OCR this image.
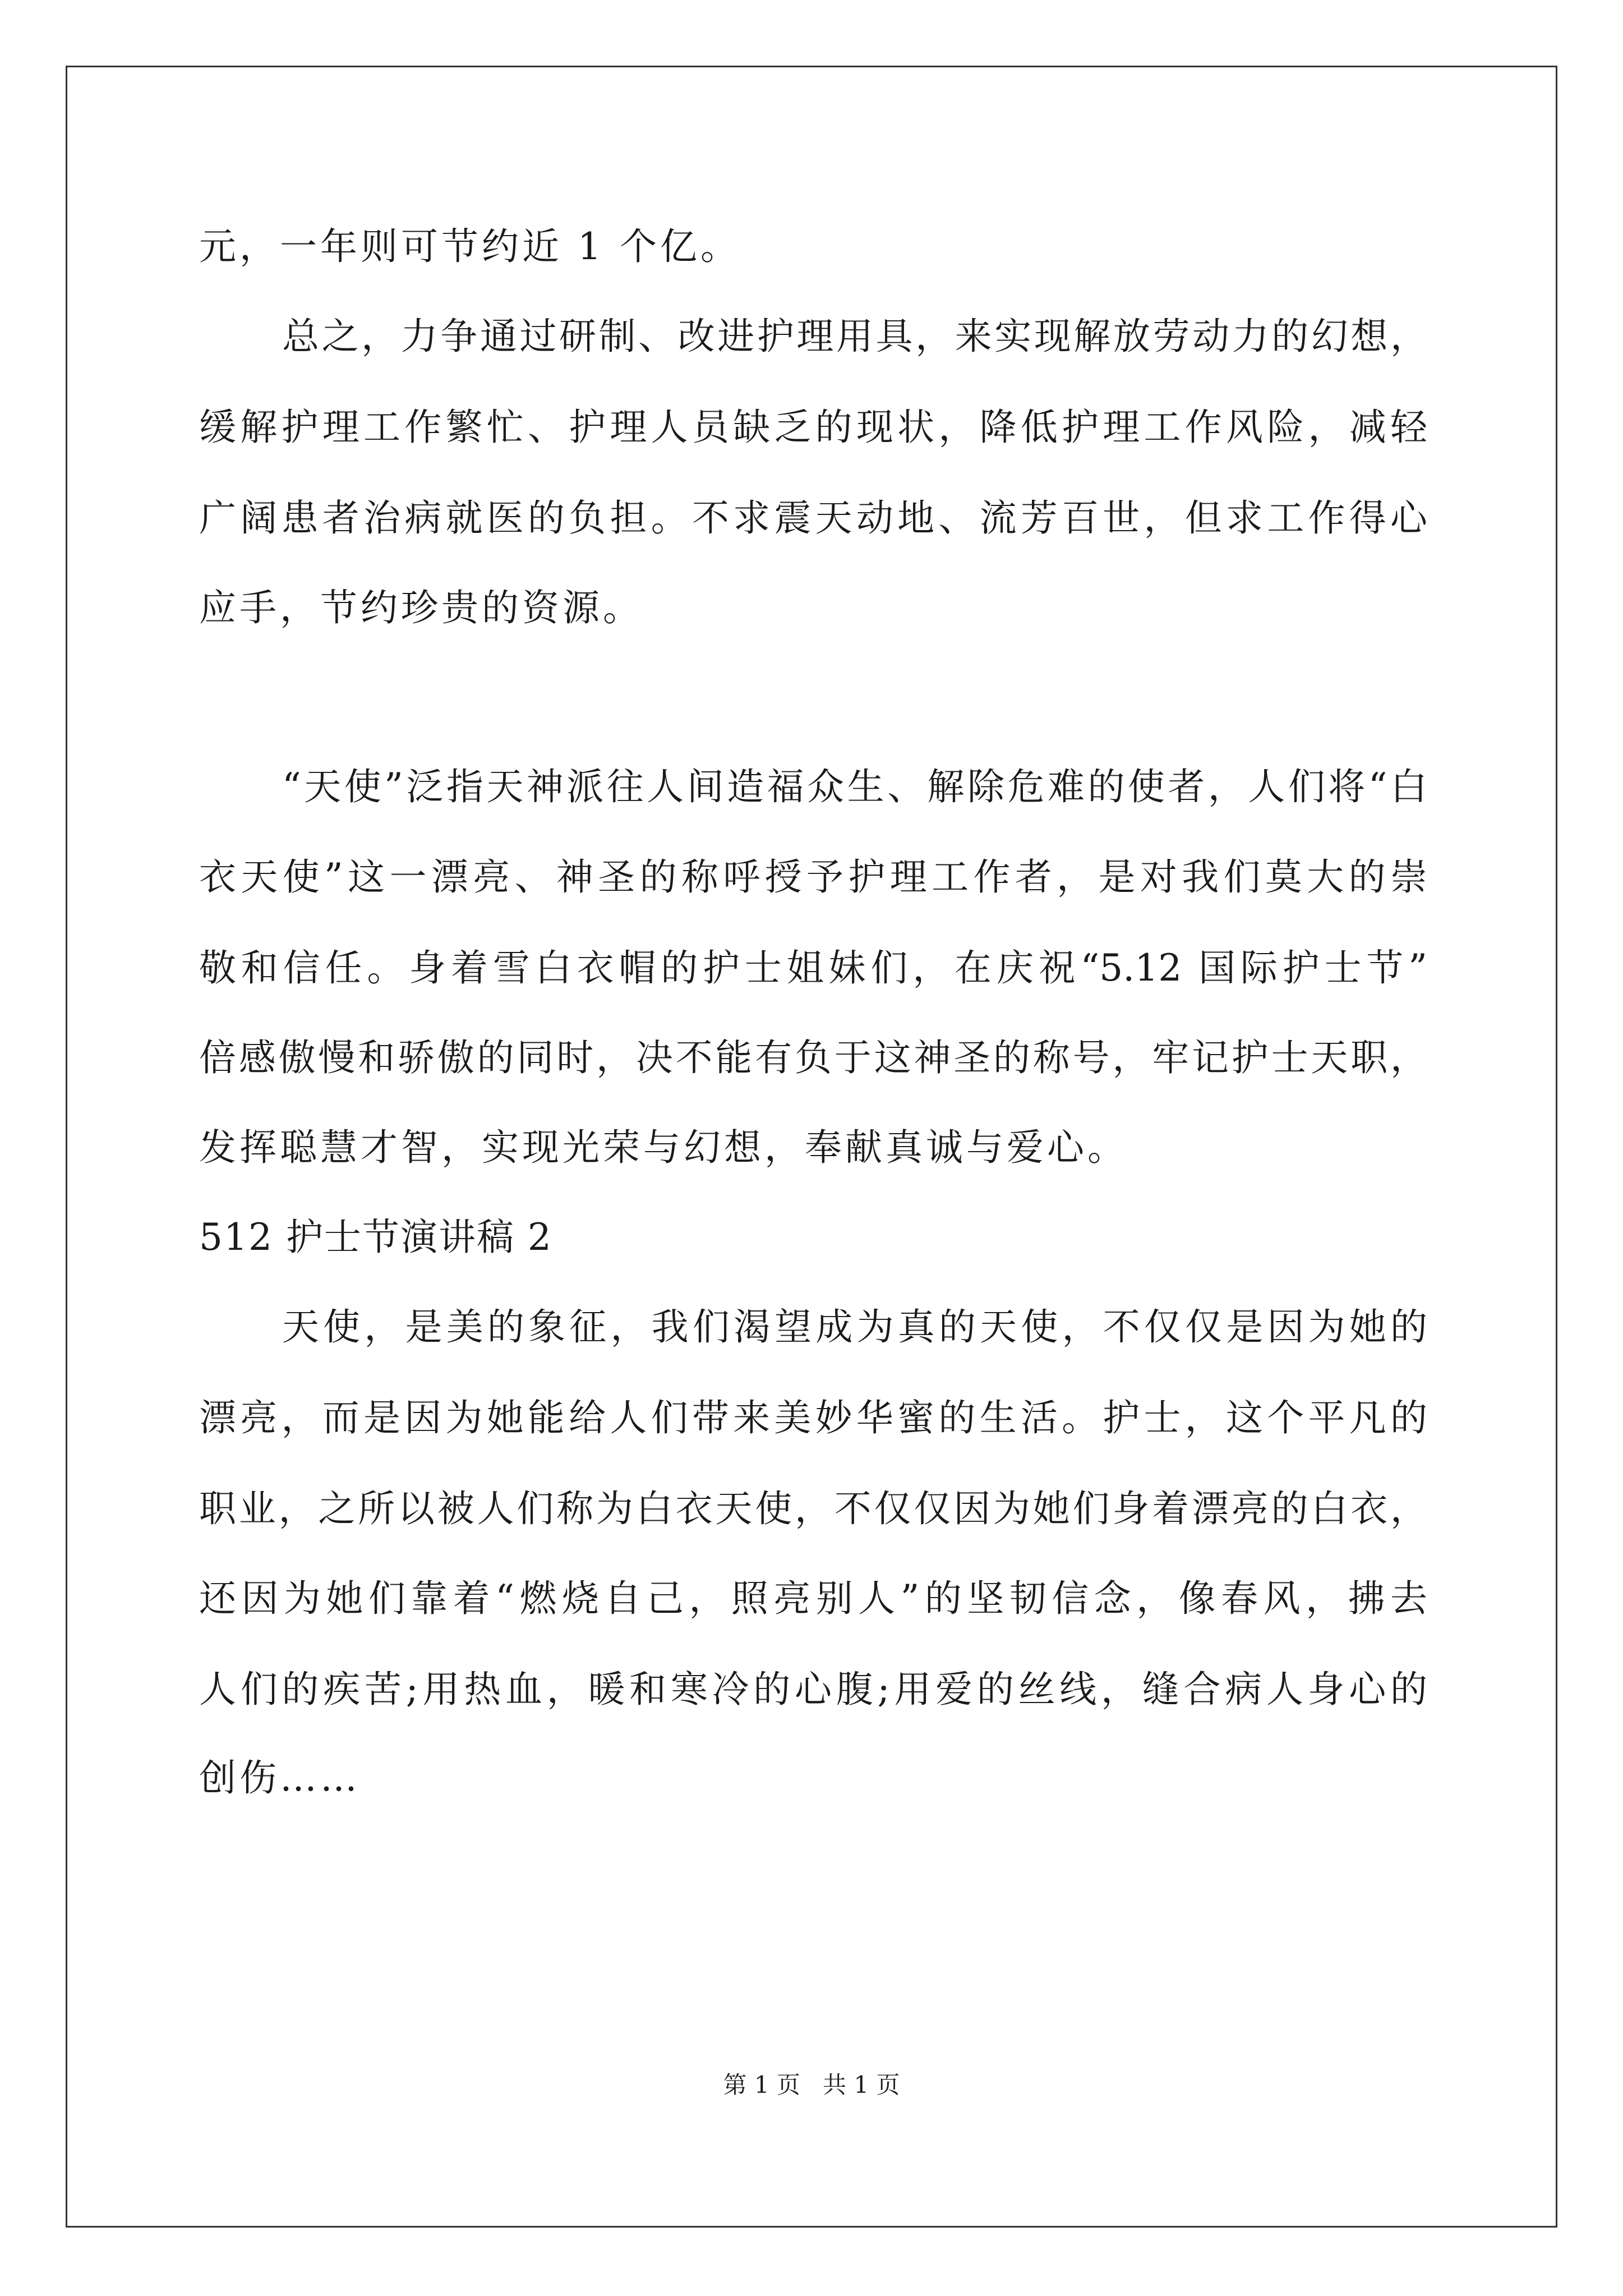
元，一年则可节约近 1 个亿。
总之，力争通过研制、改进护理用具，来实现解放劳动力的幻想，
缓解护理工作繁忙、护理人员缺乏的现状，降低护理工作风险，减轻
广阔患者治病就医的负担。不求震天动地、流芳百世，但求工作得心
应手，节约珍贵的资源。
“天使”泛指天神派往人间造福众生、解除危难的使者，人们将“白
衣天使”这一漂亮、神圣的称呼授予护理工作者，是对我们莫大的崇
敬和信任。身着雪白衣帽的护士姐妹们，在庆祝“5.12 国际护士节”
倍感傲慢和骄傲的同时，决不能有负于这神圣的称号，牢记护士天职，
发挥聪慧才智，实现光荣与幻想，奉献真诚与爱心。
512 护士节演讲稿 2
天使，是美的象征，我们渴望成为真的天使，不仅仅是因为她的
漂亮，而是因为她能给人们带来美妙华蜜的生活。护士，这个平凡的
职业，之所以被人们称为白衣天使，不仅仅因为她们身着漂亮的白衣，
还因为她们靠着“燃烧自己，照亮别人”的坚韧信念，像春风，拂去
人们的疾苦;用热血，暖和寒冷的心腹;用爱的丝线，缝合病人身心的
创伤……
第 1 页   共 1 页
